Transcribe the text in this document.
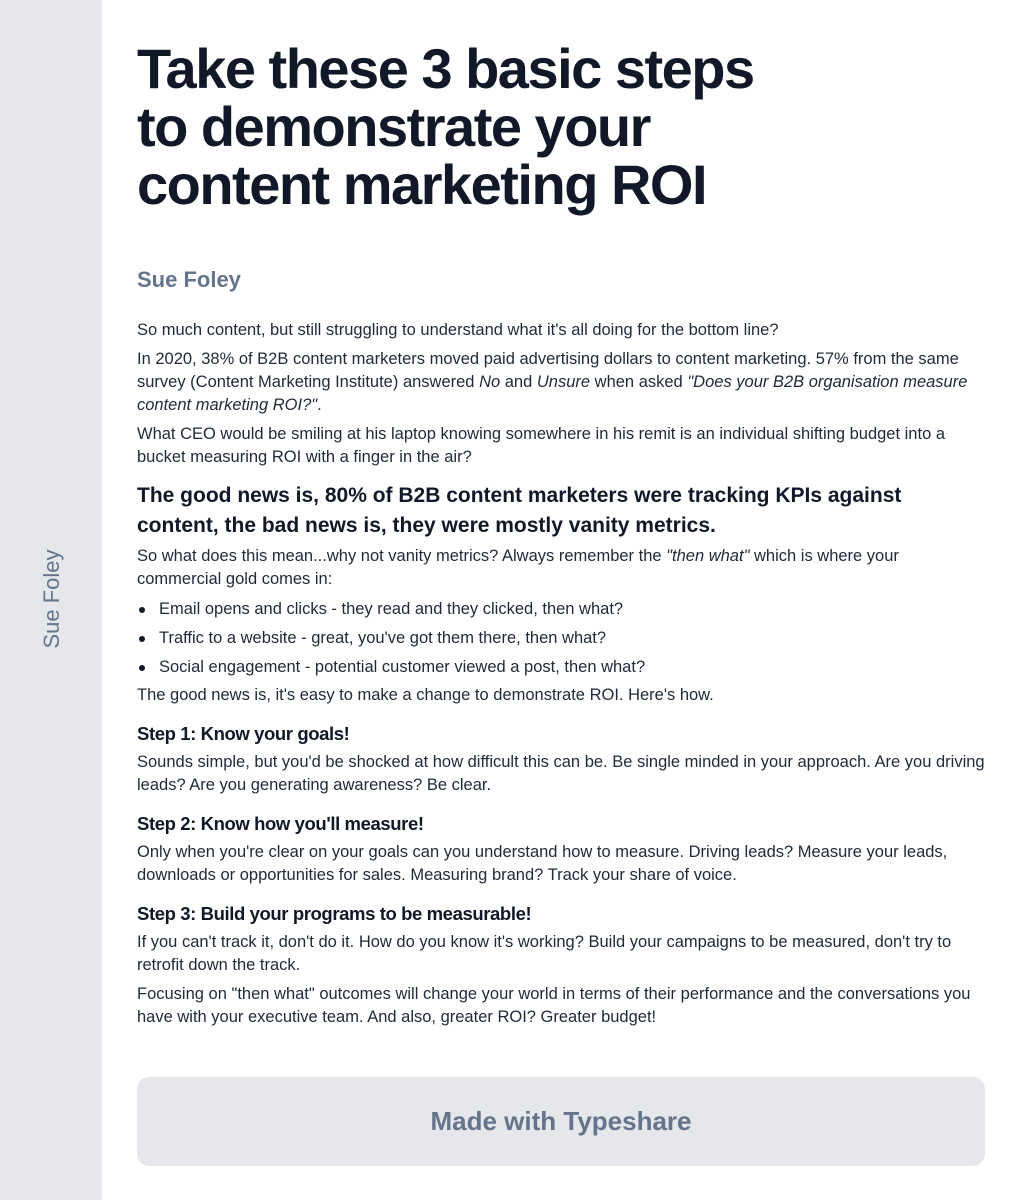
Sue Foley
Take these 3 basic steps to demonstrate your content marketing ROI
Sue Foley

So much content, but still struggling to understand what it's all doing for the bottom line?

In 2020, 38% of B2B content marketers moved paid advertising dollars to content marketing. 57% from the same survey (Content Marketing Institute) answered No and Unsure when asked "Does your B2B organisation measure content marketing ROI?".

What CEO would be smiling at his laptop knowing somewhere in his remit is an individual shifting budget into a bucket measuring ROI with a finger in the air?

The good news is, 80% of B2B content marketers were tracking KPIs against content, the bad news is, they were mostly vanity metrics.

So what does this mean...why not vanity metrics? Always remember the "then what" which is where your commercial gold comes in:

Email opens and clicks - they read and they clicked, then what?
Traffic to a website - great, you've got them there, then what?
Social engagement - potential customer viewed a post, then what?

The good news is, it's easy to make a change to demonstrate ROI. Here's how.

Step 1: Know your goals!

Sounds simple, but you'd be shocked at how difficult this can be. Be single minded in your approach. Are you driving leads? Are you generating awareness? Be clear.

Step 2: Know how you'll measure!

Only when you're clear on your goals can you understand how to measure. Driving leads? Measure your leads, downloads or opportunities for sales. Measuring brand? Track your share of voice.

Step 3: Build your programs to be measurable!

If you can't track it, don't do it. How do you know it's working? Build your campaigns to be measured, don't try to retrofit down the track.

Focusing on "then what" outcomes will change your world in terms of their performance and the conversations you have with your executive team. And also, greater ROI? Greater budget!

Made with Typeshare
